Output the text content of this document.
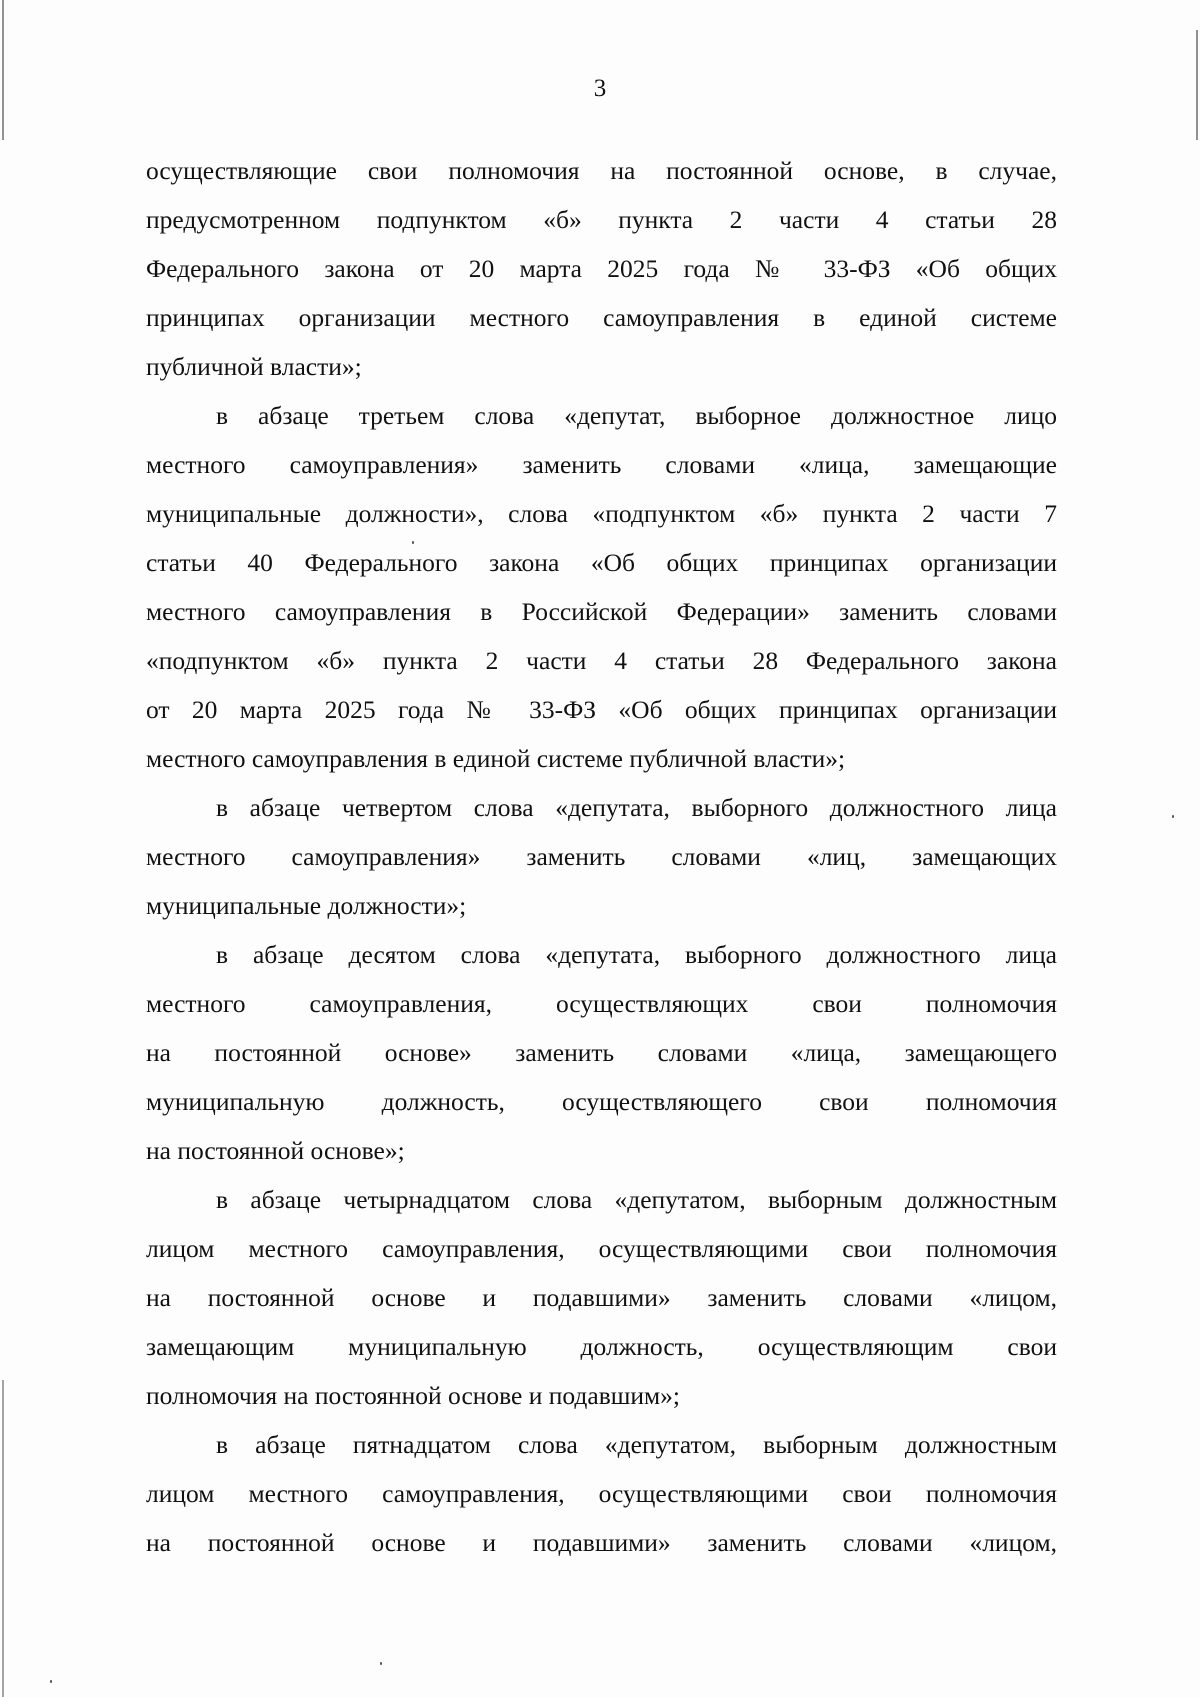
3
осуществляющие свои полномочия на постоянной основе, в случае,
предусмотренном подпунктом «б» пункта 2 части 4 статьи 28
Федерального закона от 20 марта 2025 года № 33-ФЗ «Об общих
принципах организации местного самоуправления в единой системе
публичной власти»;
в абзаце третьем слова «депутат, выборное должностное лицо
местного самоуправления» заменить словами «лица, замещающие
муниципальные должности», слова «подпунктом «б» пункта 2 части 7
статьи 40 Федерального закона «Об общих принципах организации
местного самоуправления в Российской Федерации» заменить словами
«подпунктом «б» пункта 2 части 4 статьи 28 Федерального закона
от 20 марта 2025 года № 33-ФЗ «Об общих принципах организации
местного самоуправления в единой системе публичной власти»;
в абзаце четвертом слова «депутата, выборного должностного лица
местного самоуправления» заменить словами «лиц, замещающих
муниципальные должности»;
в абзаце десятом слова «депутата, выборного должностного лица
местного самоуправления, осуществляющих свои полномочия
на постоянной основе» заменить словами «лица, замещающего
муниципальную должность, осуществляющего свои полномочия
на постоянной основе»;
в абзаце четырнадцатом слова «депутатом, выборным должностным
лицом местного самоуправления, осуществляющими свои полномочия
на постоянной основе и подавшими» заменить словами «лицом,
замещающим муниципальную должность, осуществляющим свои
полномочия на постоянной основе и подавшим»;
в абзаце пятнадцатом слова «депутатом, выборным должностным
лицом местного самоуправления, осуществляющими свои полномочия
на постоянной основе и подавшими» заменить словами «лицом,
